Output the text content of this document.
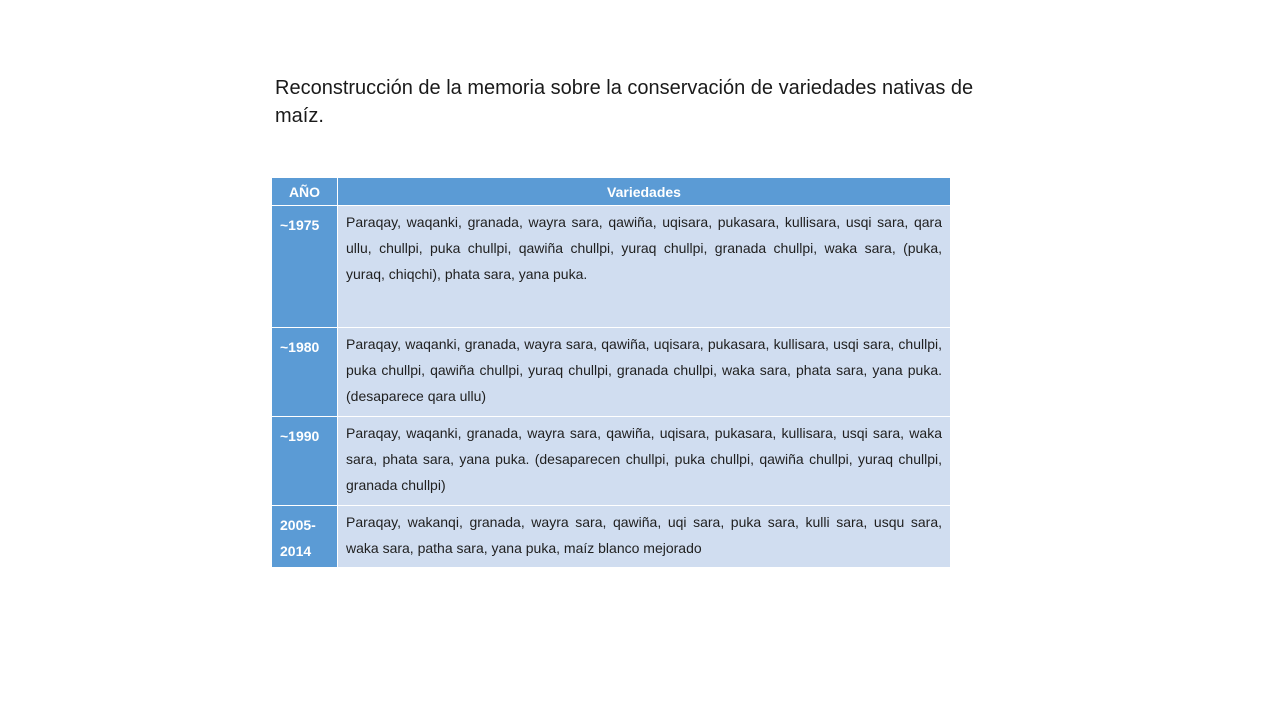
Reconstrucción de la memoria sobre la conservación de variedades nativas de maíz.
AÑO	Variedades
~1975	Paraqay, waqanki, granada, wayra sara, qawiña, uqisara, pukasara, kullisara, usqi sara, qara ullu, chullpi, puka chullpi, qawiña chullpi, yuraq chullpi, granada chullpi, waka sara, (puka, yuraq, chiqchi), phata sara, yana puka.
~1980	Paraqay, waqanki, granada, wayra sara, qawiña, uqisara, pukasara, kullisara, usqi sara, chullpi, puka chullpi, qawiña chullpi, yuraq chullpi, granada chullpi, waka sara, phata sara, yana puka. (desaparece qara ullu)
~1990	Paraqay, waqanki, granada, wayra sara, qawiña, uqisara, pukasara, kullisara, usqi sara, waka sara, phata sara, yana puka. (desaparecen chullpi, puka chullpi, qawiña chullpi, yuraq chullpi, granada chullpi)
2005-2014	Paraqay, wakanqi, granada, wayra sara, qawiña, uqi sara, puka sara, kulli sara, usqu sara, waka sara, patha sara, yana puka, maíz blanco mejorado
